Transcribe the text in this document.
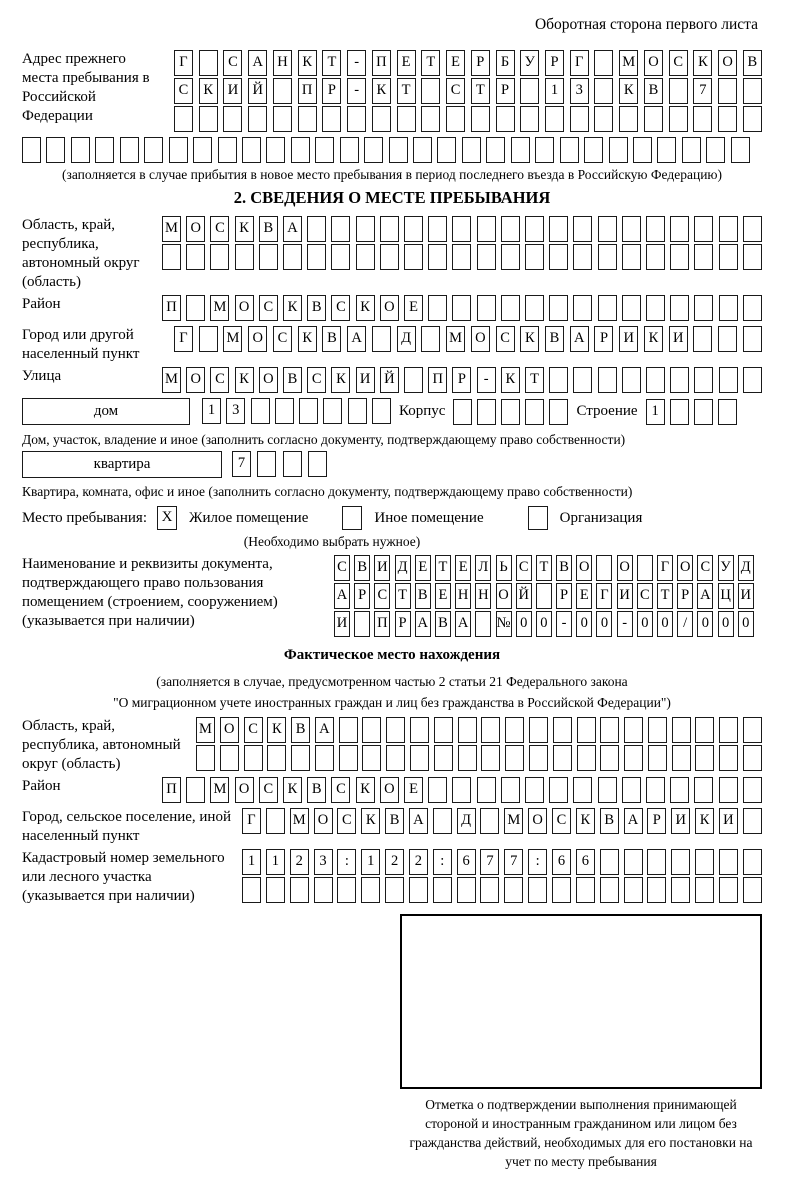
Оборотная сторона первого листа
Адрес прежнего места пребывания в Российской Федерации
Г	С	А Н	К	Т	-	П	Е	Т	Е	Р	Б	У	Р	Г	М О	С	К	О	В
С	К	И Й	П	Р	-	К	Т	С	Т	Р	1	3	К	В	7
(заполняется в случае прибытия в новое место пребывания в период последнего въезда в Российскую Федерацию)
2. СВЕДЕНИЯ О МЕСТЕ ПРЕБЫВАНИЯ
Область, край, республика, автономный округ (область)
М О С	К	В А
Район	П	М О С	К	В	С	К О	Е
Город или другой населенный пункт
Г	М О	С	К	В	А	Д	М О	С	К	В	А	Р	И	К	И
Улица	М О С	К О В	С	К И Й	П	Р	-	К	Т
дом	1	3	Корпус	Строение 1
Дом, участок, владение и иное (заполнить согласно документу, подтверждающему право собственности)
квартира	7
Квартира, комната, офис и иное (заполнить согласно документу, подтверждающему право собственности)
Место пребывания: X	Жилое помещение	Иное помещение	Организация
(Необходимо выбрать нужное)
Наименование и реквизиты документа, подтверждающего право пользования помещением (строением, сооружением) (указывается при наличии)
С В И Д Е Т Е Л Ь С Т В О О Г О С У Д
А Р С Т В Е Н Н О Й Р Е Г И С Т Р А Ц И
И П Р А В А № 0 0 - 0 0 - 0 0	/	0 0 0
Фактическое место нахождения
(заполняется в случае, предусмотренном частью 2 статьи 21 Федерального закона
"О миграционном учете иностранных граждан и лиц без гражданства в Российской Федерации")
Область, край, республика, автономный округ (область)
М О С К В А
Район	П	М О С	К	В	С	К О	Е
Город, сельское поселение, иной населенный пункт
Г	М О С К В А	Д	М О С К В А	Р	И К И
Кадастровый номер земельного или лесного участка (указывается при наличии)
1	1	2	3	:	1	2	2	:	6	7	7	:	6	6
Отметка о подтверждении выполнения принимающей стороной и иностранным гражданином или лицом без гражданства действий, необходимых для его постановки на учет по месту пребывания
